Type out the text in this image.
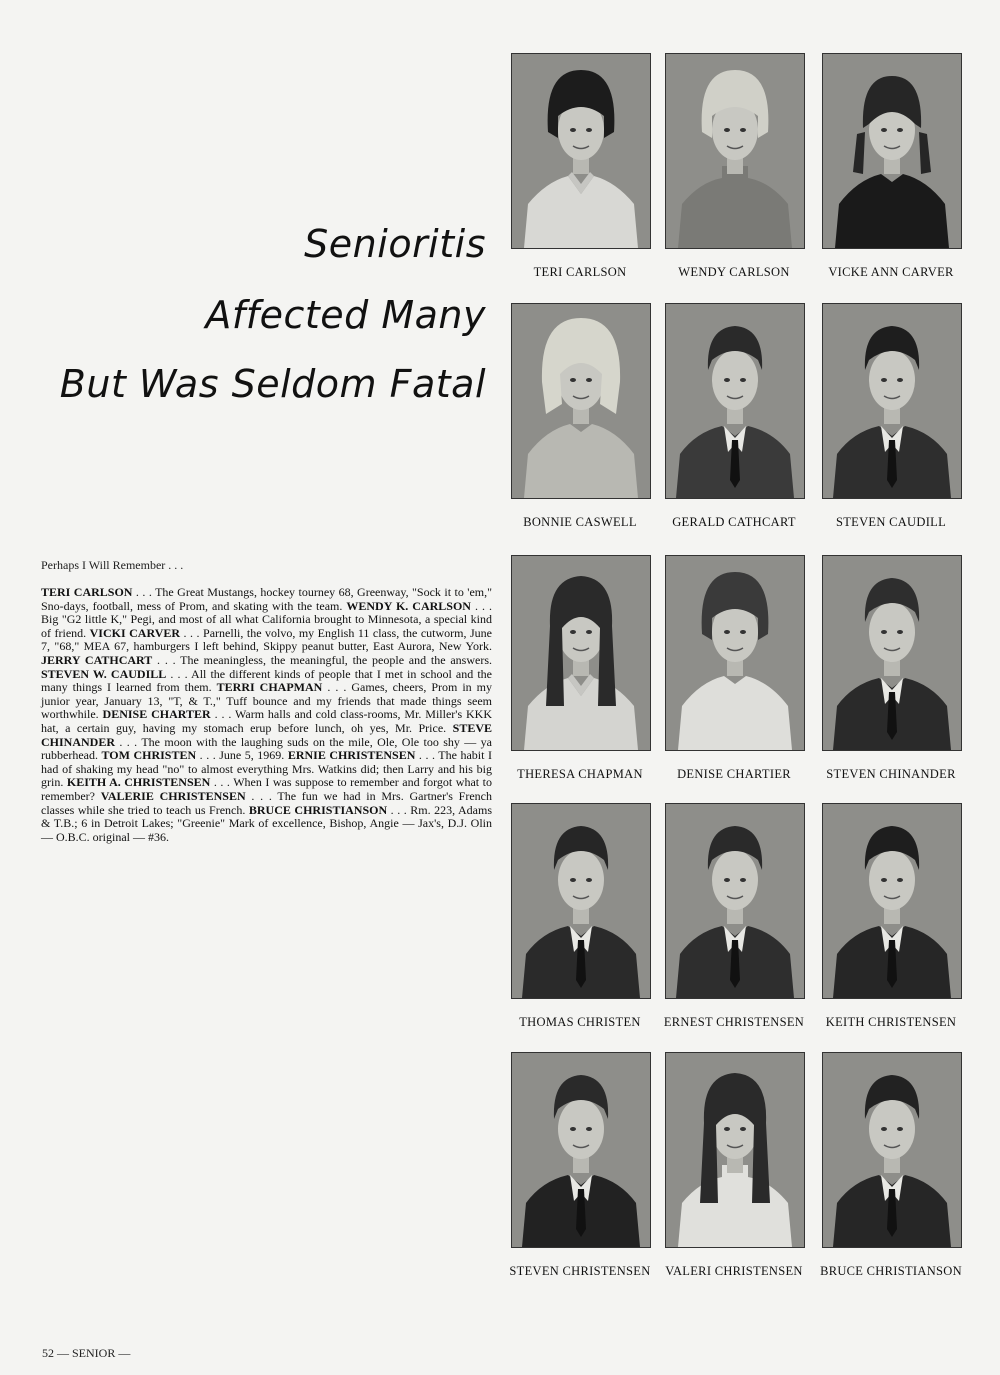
Senioritis
Affected Many
But Was Seldom Fatal
Perhaps I Will Remember . . .
TERI CARLSON . . . The Great Mustangs, hockey tourney 68, Greenway, "Sock it to 'em," Sno-days, football, mess of Prom, and skating with the team. WENDY K. CARLSON . . . Big "G2 little K," Pegi, and most of all what California brought to Minnesota, a special kind of friend. VICKI CARVER . . . Parnelli, the volvo, my English 11 class, the cutworm, June 7, "68," MEA 67, hamburgers I left behind, Skippy peanut butter, East Aurora, New York. JERRY CATHCART . . . The meaningless, the meaningful, the people and the answers. STEVEN W. CAUDILL . . . All the different kinds of people that I met in school and the many things I learned from them. TERRI CHAPMAN . . . Games, cheers, Prom in my junior year, January 13, "T, & T.," Tuff bounce and my friends that made things seem worthwhile. DENISE CHARTER . . . Warm halls and cold class-rooms, Mr. Miller's KKK hat, a certain guy, having my stomach erup before lunch, oh yes, Mr. Price. STEVE CHINANDER . . . The moon with the laughing suds on the mile, Ole, Ole too shy — ya rubberhead. TOM CHRISTEN . . . June 5, 1969. ERNIE CHRISTENSEN . . . The habit I had of shaking my head "no" to almost everything Mrs. Watkins did; then Larry and his big grin. KEITH A. CHRISTENSEN . . . When I was suppose to remember and forgot what to remember? VALERIE CHRISTENSEN . . . The fun we had in Mrs. Gartner's French classes while she tried to teach us French. BRUCE CHRISTIANSON . . . Rm. 223, Adams & T.B.; 6 in Detroit Lakes; "Greenie" Mark of excellence, Bishop, Angie — Jax's, D.J. Olin — O.B.C. original — #36.
TERI CARLSON	WENDY CARLSON	VICKE ANN CARVER
BONNIE CASWELL	GERALD CATHCART	STEVEN CAUDILL
THERESA CHAPMAN	DENISE CHARTIER	STEVEN CHINANDER
THOMAS CHRISTEN	ERNEST CHRISTENSEN	KEITH CHRISTENSEN
STEVEN CHRISTENSEN	VALERI CHRISTENSEN	BRUCE CHRISTIANSON
52 — SENIOR —
